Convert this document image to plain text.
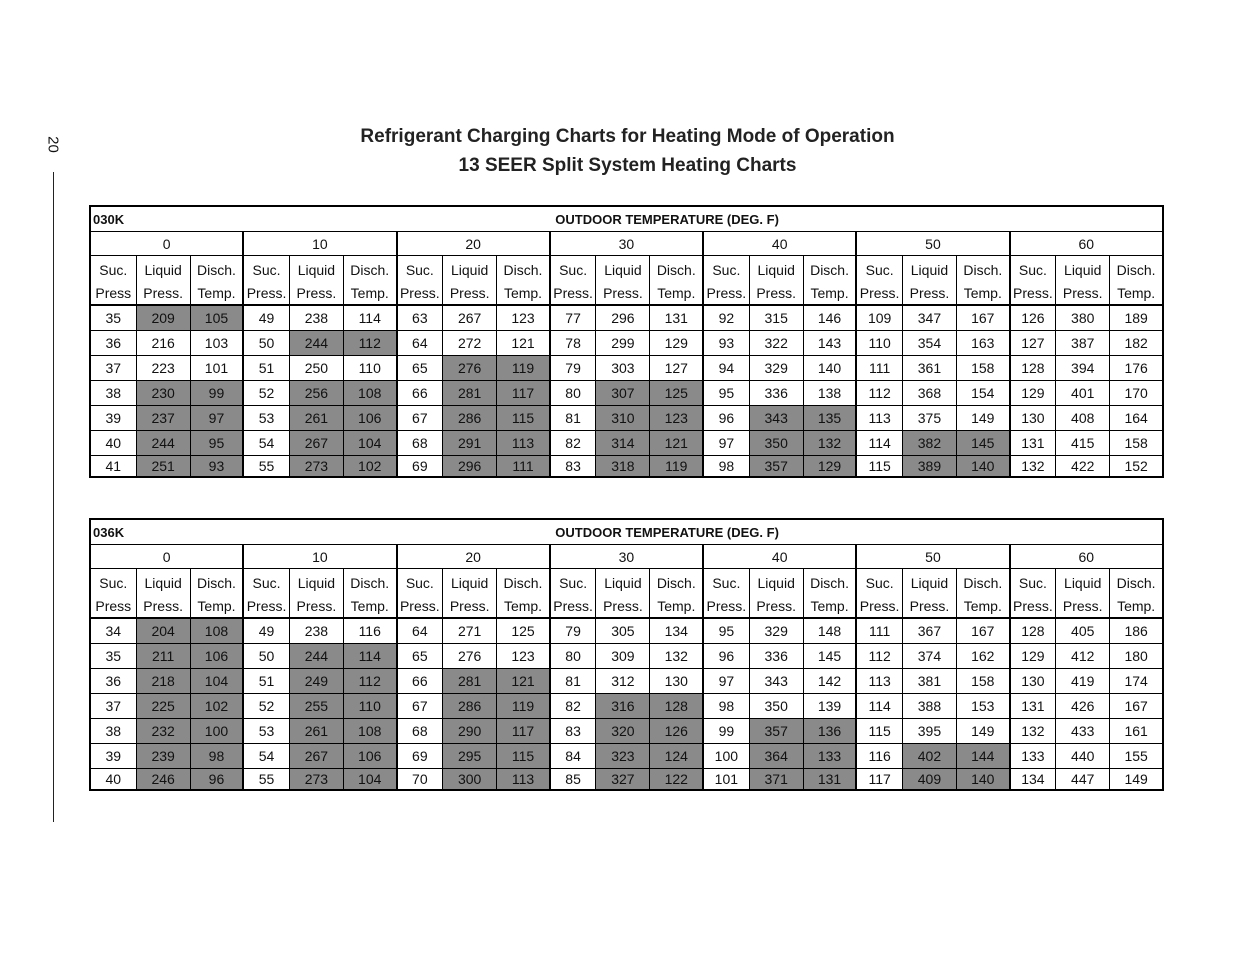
20	Refrigerant Charging Charts for Heating Mode of Operation
13 SEER Split System Heating Charts
030K			OUTDOOR TEMPERATURE (DEG. F)																	
0			10			20			30			40			50			60		
Suc.	Liquid	Disch.	Suc.	Liquid	Disch.	Suc.	Liquid	Disch.	Suc.	Liquid	Disch.	Suc.	Liquid	Disch.	Suc.	Liquid	Disch.	Suc.	Liquid	Disch.
Press	Press.	Temp.	Press.	Press.	Temp.	Press.	Press.	Temp.	Press.	Press.	Temp.	Press.	Press.	Temp.	Press.	Press.	Temp.	Press.	Press.	Temp.
35	209	105	49	238	114	63	267	123	77	296	131	92	315	146	109	347	167	126	380	189
36	216	103	50	244	112	64	272	121	78	299	129	93	322	143	110	354	163	127	387	182
37	223	101	51	250	110	65	276	119	79	303	127	94	329	140	111	361	158	128	394	176
38	230	99	52	256	108	66	281	117	80	307	125	95	336	138	112	368	154	129	401	170
39	237	97	53	261	106	67	286	115	81	310	123	96	343	135	113	375	149	130	408	164
40	244	95	54	267	104	68	291	113	82	314	121	97	350	132	114	382	145	131	415	158
41	251	93	55	273	102	69	296	111	83	318	119	98	357	129	115	389	140	132	422	152
036K			OUTDOOR TEMPERATURE (DEG. F)																	
0			10			20			30			40			50			60		
Suc.	Liquid	Disch.	Suc.	Liquid	Disch.	Suc.	Liquid	Disch.	Suc.	Liquid	Disch.	Suc.	Liquid	Disch.	Suc.	Liquid	Disch.	Suc.	Liquid	Disch.
Press	Press.	Temp.	Press.	Press.	Temp.	Press.	Press.	Temp.	Press.	Press.	Temp.	Press.	Press.	Temp.	Press.	Press.	Temp.	Press.	Press.	Temp.
34	204	108	49	238	116	64	271	125	79	305	134	95	329	148	111	367	167	128	405	186
35	211	106	50	244	114	65	276	123	80	309	132	96	336	145	112	374	162	129	412	180
36	218	104	51	249	112	66	281	121	81	312	130	97	343	142	113	381	158	130	419	174
37	225	102	52	255	110	67	286	119	82	316	128	98	350	139	114	388	153	131	426	167
38	232	100	53	261	108	68	290	117	83	320	126	99	357	136	115	395	149	132	433	161
39	239	98	54	267	106	69	295	115	84	323	124	100	364	133	116	402	144	133	440	155
40	246	96	55	273	104	70	300	113	85	327	122	101	371	131	117	409	140	134	447	149
